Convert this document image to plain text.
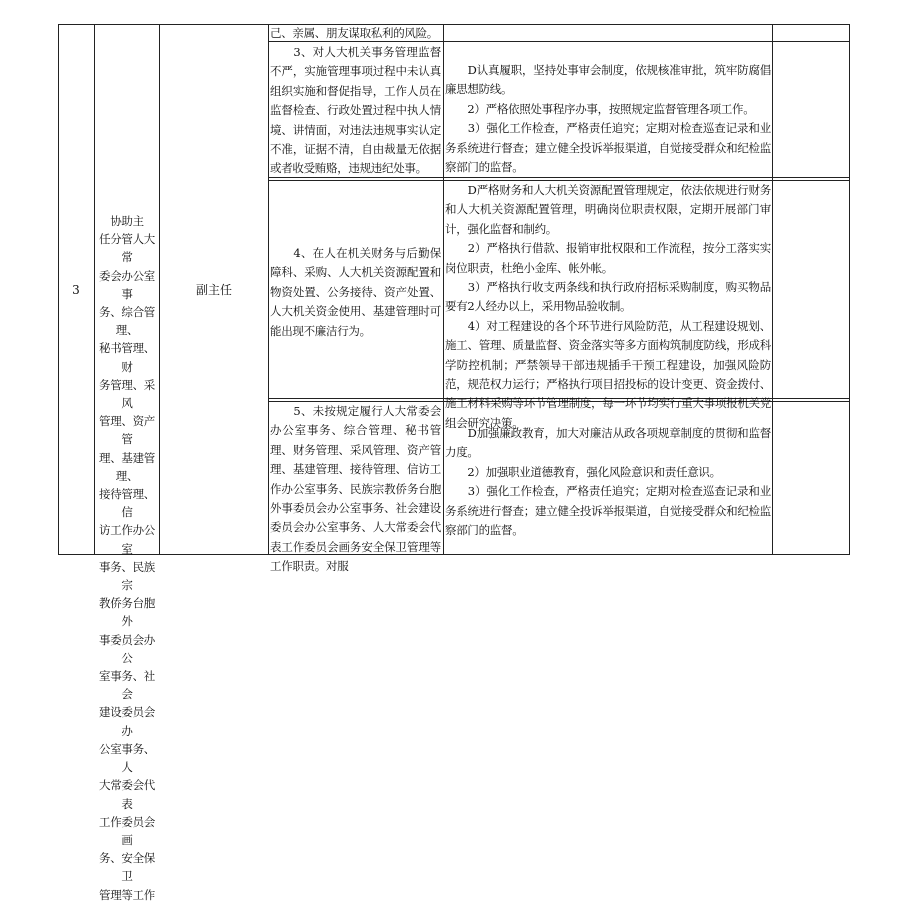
3
协助主
任分管人大常
委会办公室事
务、综合管理、
秘书管理、财
务管理、采风
管理、资产管
理、基建管理、
接待管理、信
访工作办公室
事务、民族宗
教侨务台胞外
事委员会办公
室事务、社会
建设委员会办
公室事务、人
大常委会代表
工作委员会画
务、安全保卫
管理等工作
副主任
己、亲属、朋友谋取私利的风险。
　　3、对人大机关事务管理监督不严，实施管理事项过程中未认真组织实施和督促指导，工作人员在监督检查、行政处置过程中执人情境、讲情面，对违法违规事实认定不准，证据不清，自由裁量无依据或者收受贿赂，违规违纪处事。
　　D认真履职，坚持处事审会制度，依规核准审批，筑牢防腐倡廉思想防线。
　　2）严格依照处事程序办事，按照规定监督管理各项工作。
　　3）强化工作检查，严格责任追究；定期对检查巡查记录和业务系统进行督查；建立健全投诉举报渠道，自觉接受群众和纪检监察部门的监督。
　　4、在人在机关财务与后勤保障科、采购、人大机关资源配置和物资处置、公务接待、资产处置、人大机关资金使用、基建管理时可能出现不廉洁行为。
　　D严格财务和人大机关资源配置管理规定，依法依规进行财务和人大机关资源配置管理，明确岗位职责权限，定期开展部门审计，强化监督和制约。
　　2）严格执行借款、报销审批权限和工作流程，按分工落实实岗位职责，杜绝小金库、帐外帐。
　　3）严格执行收支两条线和执行政府招标采购制度，购买物品要有2人经办以上，采用物品验收制。
　　4）对工程建设的各个环节进行风险防范，从工程建设规划、施工、管理、质量监督、资金落实等多方面构筑制度防线，形成科学防控机制；严禁领导干部违规插手干预工程建设，加强风险防范，规范权力运行；严格执行项目招投标的设计变更、资金拨付、施工材料采购等环节管理制度，每一环节均实行重大事项报机关党组会研究决策。
　　5、未按规定履行人大常委会办公室事务、综合管理、秘书管理、财务管理、采风管理、资产管理、基建管理、接待管理、信访工作办公室事务、民族宗教侨务台胞外事委员会办公室事务、社会建设委员会办公室事务、人大常委会代表工作委员会画务安全保卫管理等工作职责。对服
　　D加强廉政教育，加大对廉洁从政各项规章制度的贯彻和监督力度。
　　2）加强职业道德教育，强化风险意识和责任意识。
　　3）强化工作检查，严格责任追究；定期对检查巡查记录和业务系统进行督查；建立健全投诉举报渠道，自觉接受群众和纪检监察部门的监督。
